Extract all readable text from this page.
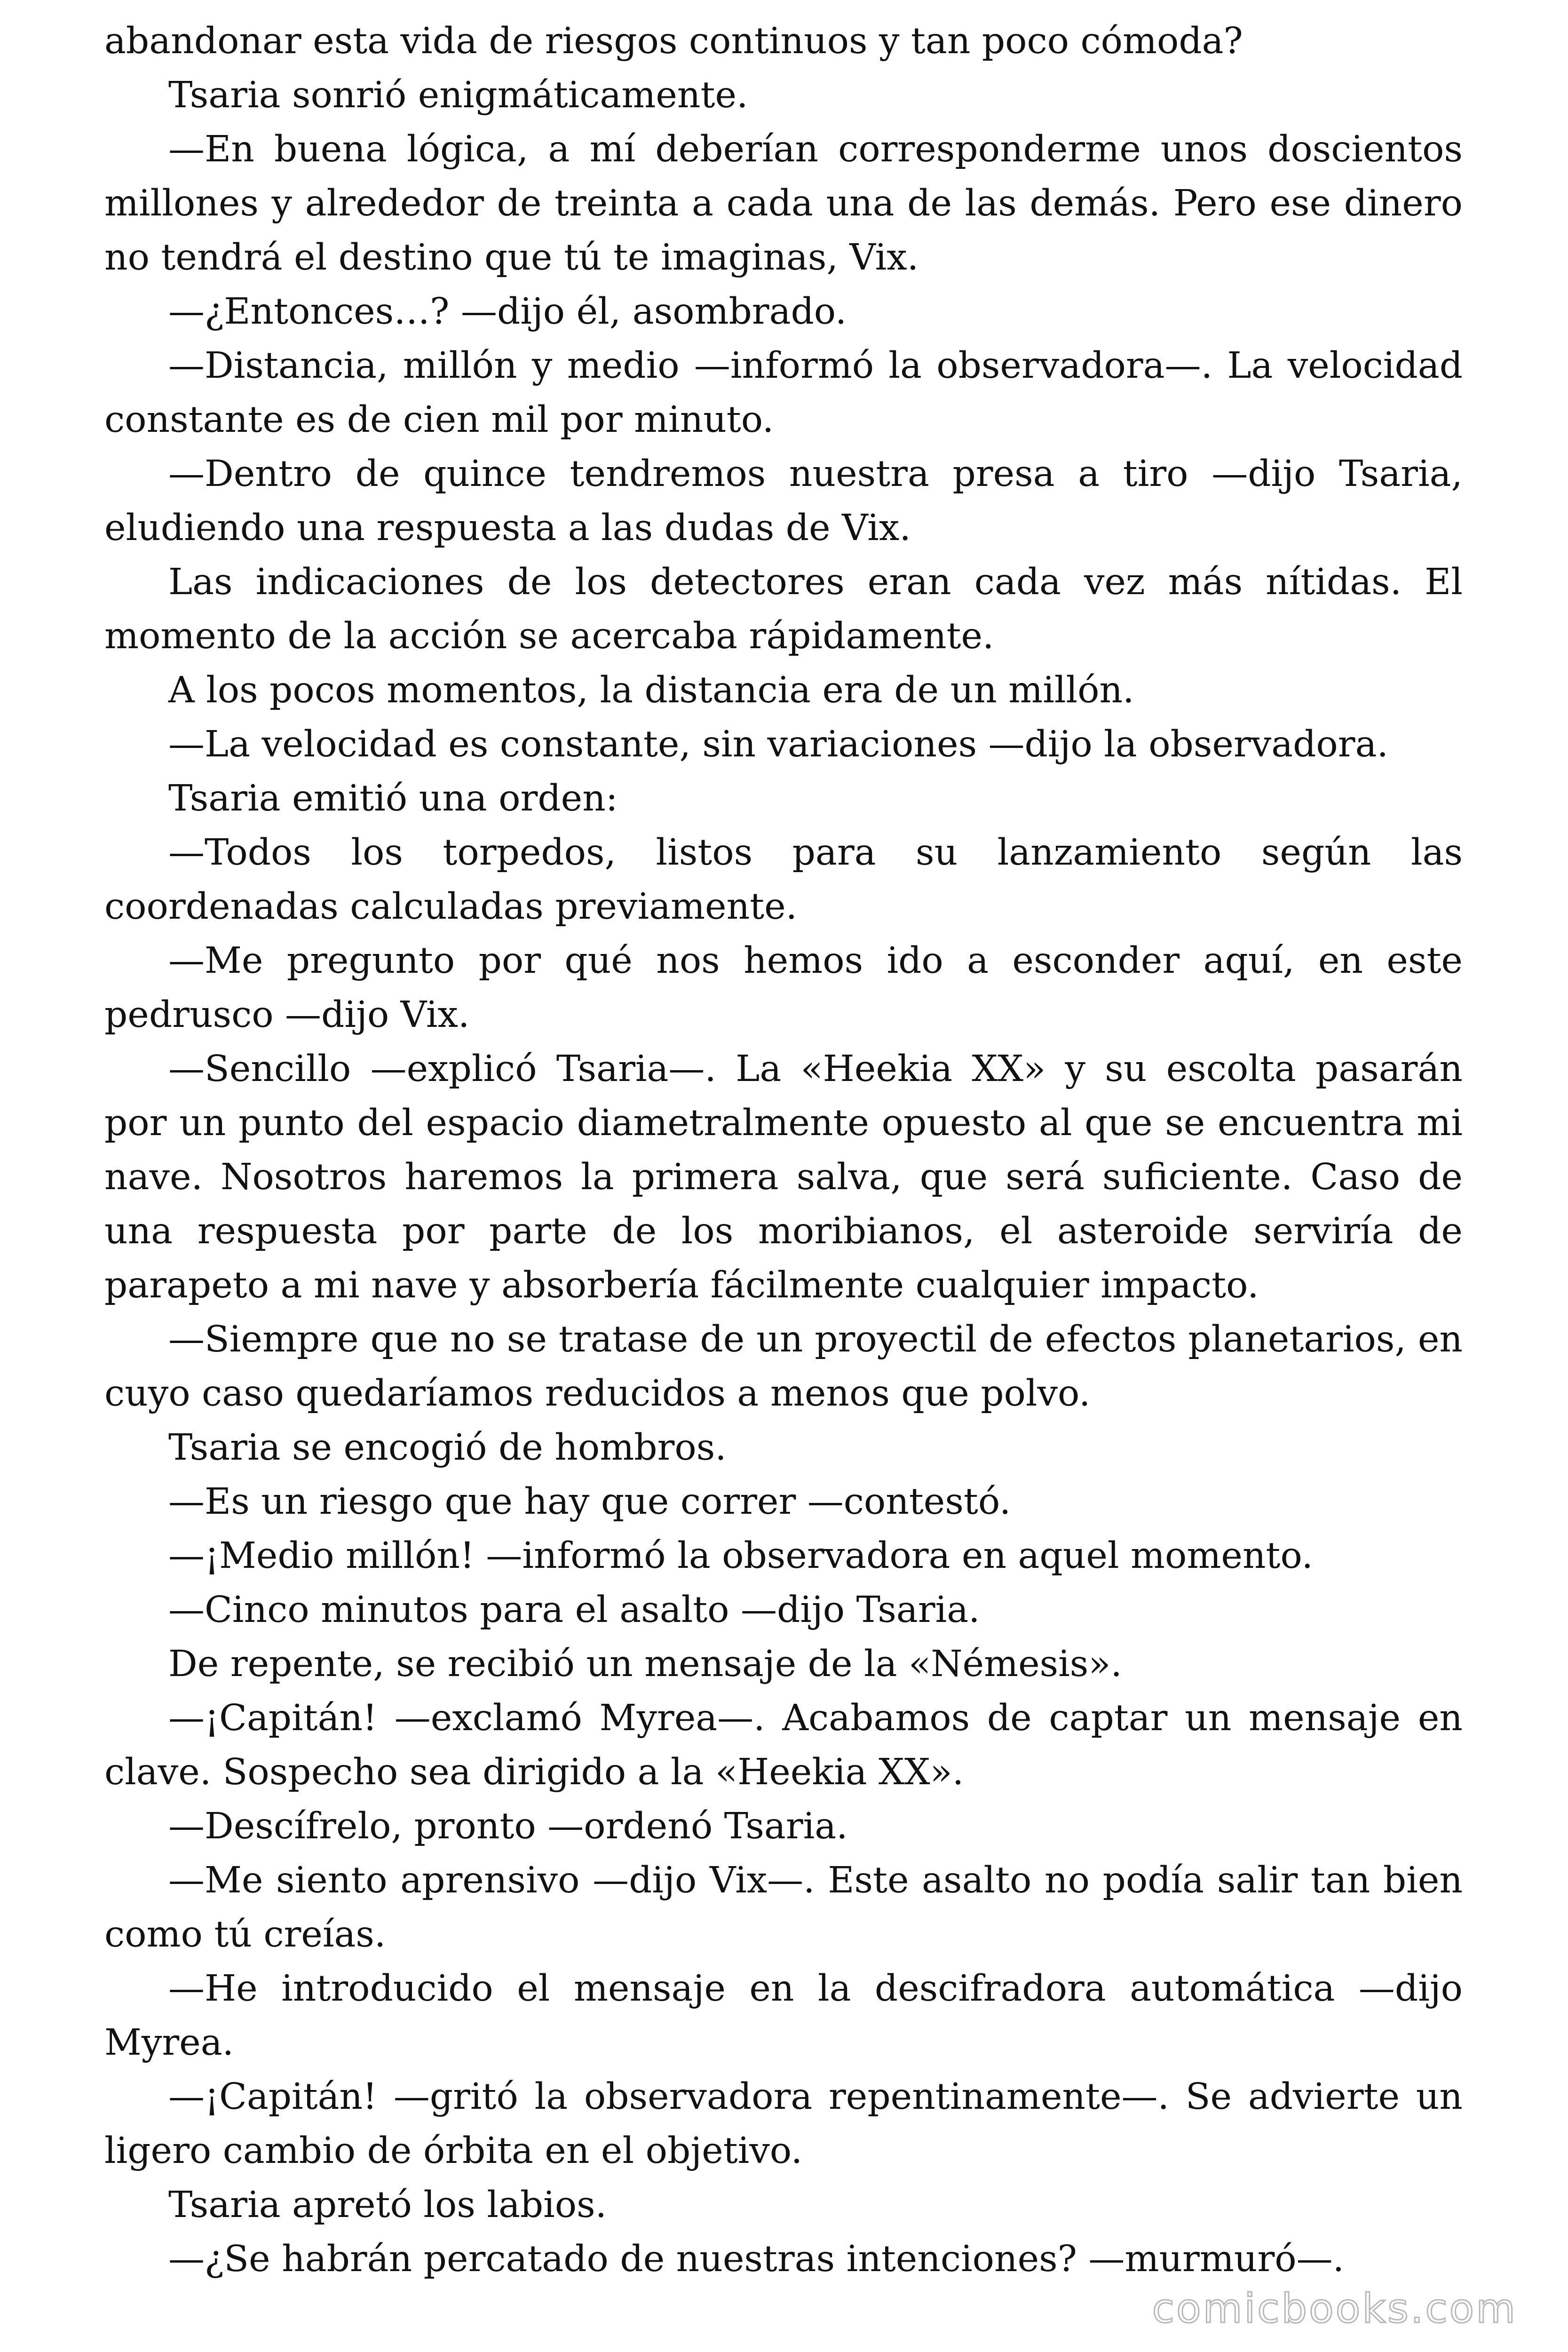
abandonar esta vida de riesgos continuos y tan poco cómoda?

Tsaria sonrió enigmáticamente.

—En buena lógica, a mí deberían corresponderme unos doscientos millones y alrededor de treinta a cada una de las demás. Pero ese dinero no tendrá el destino que tú te imaginas, Vix.

—¿Entonces…? —dijo él, asombrado.

—Distancia, millón y medio —informó la observadora—. La velocidad constante es de cien mil por minuto.

—Dentro de quince tendremos nuestra presa a tiro —dijo Tsaria, eludiendo una respuesta a las dudas de Vix.

Las indicaciones de los detectores eran cada vez más nítidas. El momento de la acción se acercaba rápidamente.

A los pocos momentos, la distancia era de un millón.

—La velocidad es constante, sin variaciones —dijo la observadora.

Tsaria emitió una orden:

—Todos los torpedos, listos para su lanzamiento según las coordenadas calculadas previamente.

—Me pregunto por qué nos hemos ido a esconder aquí, en este pedrusco —dijo Vix.

—Sencillo —explicó Tsaria—. La «Heekia XX» y su escolta pasarán por un punto del espacio diametralmente opuesto al que se encuentra mi nave. Nosotros haremos la primera salva, que será suficiente. Caso de una respuesta por parte de los moribianos, el asteroide serviría de parapeto a mi nave y absorbería fácilmente cualquier impacto.

—Siempre que no se tratase de un proyectil de efectos planetarios, en cuyo caso quedaríamos reducidos a menos que polvo.

Tsaria se encogió de hombros.

—Es un riesgo que hay que correr —contestó.

—¡Medio millón! —informó la observadora en aquel momento.

—Cinco minutos para el asalto —dijo Tsaria.

De repente, se recibió un mensaje de la «Némesis».

—¡Capitán! —exclamó Myrea—. Acabamos de captar un mensaje en clave. Sospecho sea dirigido a la «Heekia XX».

—Descífrelo, pronto —ordenó Tsaria.

—Me siento aprensivo —dijo Vix—. Este asalto no podía salir tan bien como tú creías.

—He introducido el mensaje en la descifradora automática —dijo Myrea.

—¡Capitán! —gritó la observadora repentinamente—. Se advierte un ligero cambio de órbita en el objetivo.

Tsaria apretó los labios.

—¿Se habrán percatado de nuestras intenciones? —murmuró—.

comicbooks.com
